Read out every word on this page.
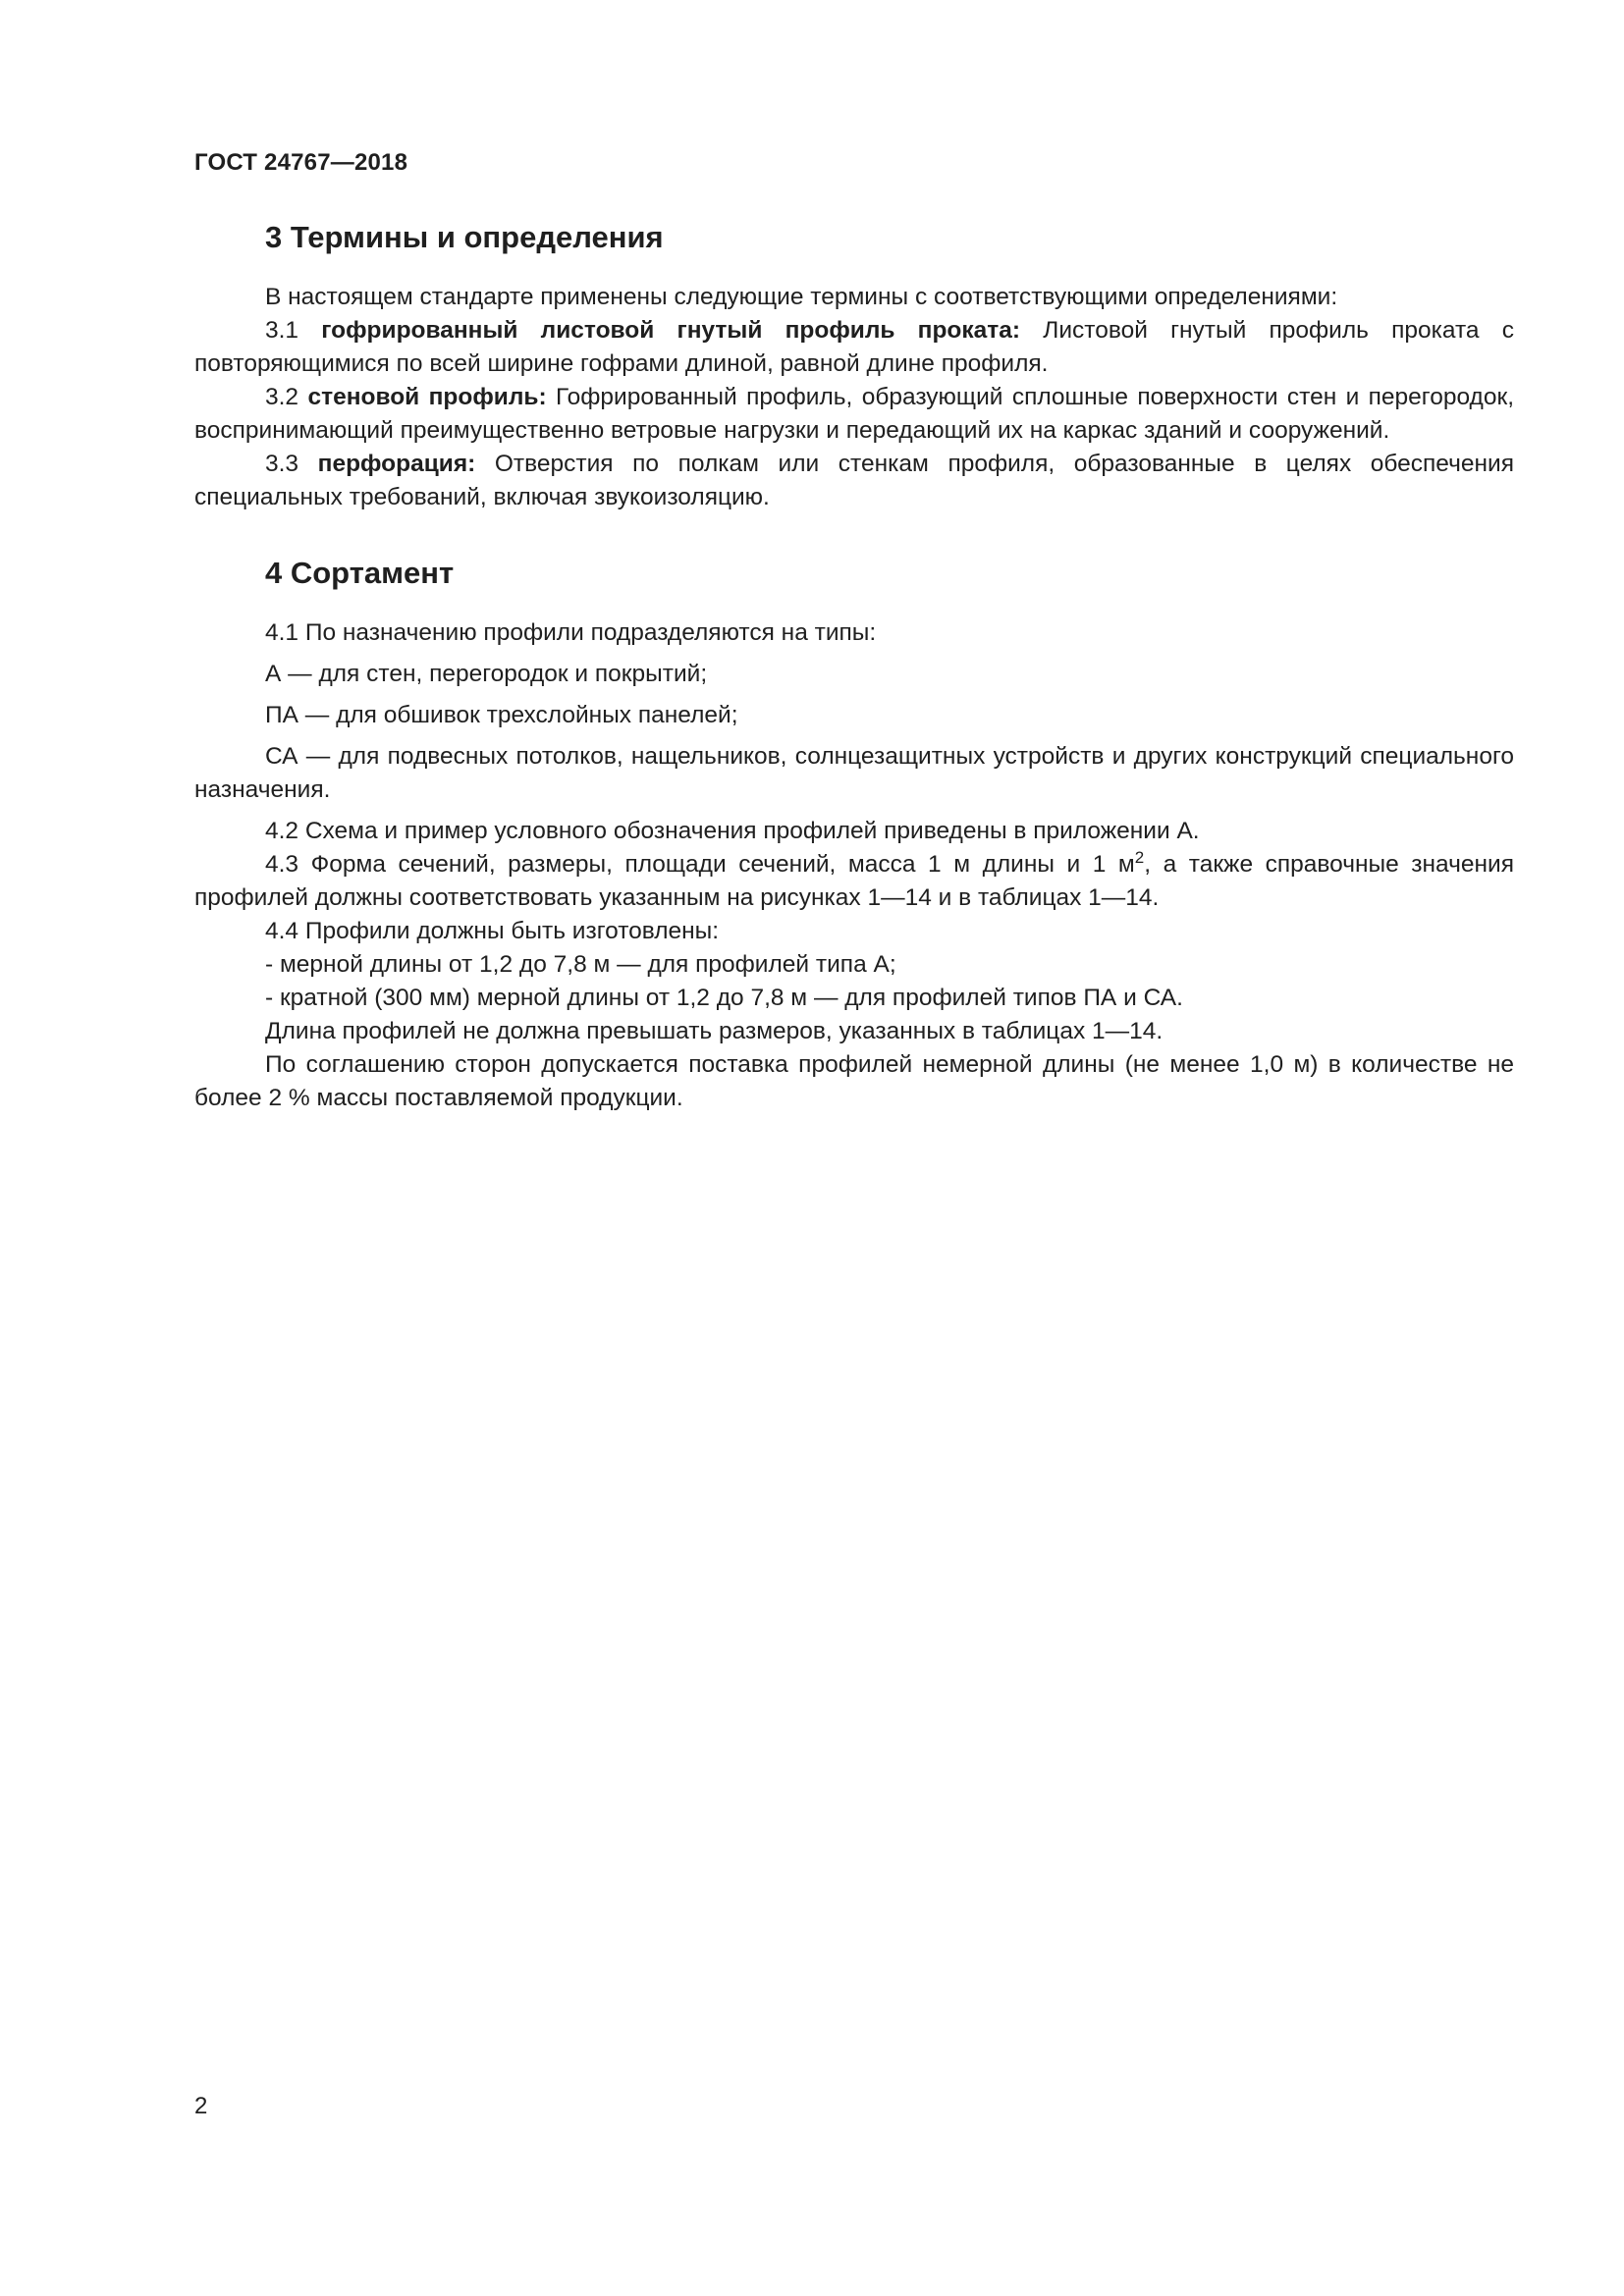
ГОСТ 24767—2018
3 Термины и определения

В настоящем стандарте применены следующие термины с соответствующими определениями:

3.1 гофрированный листовой гнутый профиль проката: Листовой гнутый профиль проката с повторяющимися по всей ширине гофрами длиной, равной длине профиля.

3.2 стеновой профиль: Гофрированный профиль, образующий сплошные поверхности стен и перегородок, воспринимающий преимущественно ветровые нагрузки и передающий их на каркас зданий и сооружений.

3.3 перфорация: Отверстия по полкам или стенкам профиля, образованные в целях обеспечения специальных требований, включая звукоизоляцию.

4 Сортамент

4.1 По назначению профили подразделяются на типы:

А — для стен, перегородок и покрытий;

ПА — для обшивок трехслойных панелей;

СА — для подвесных потолков, нащельников, солнцезащитных устройств и других конструкций специального назначения.

4.2 Схема и пример условного обозначения профилей приведены в приложении А.

4.3 Форма сечений, размеры, площади сечений, масса 1 м длины и 1 $м^2$, а также справочные значения профилей должны соответствовать указанным на рисунках 1—14 и в таблицах 1—14.

4.4 Профили должны быть изготовлены:

- мерной длины от 1,2 до 7,8 м — для профилей типа А;

- кратной (300 мм) мерной длины от 1,2 до 7,8 м — для профилей типов ПА и СА.

Длина профилей не должна превышать размеров, указанных в таблицах 1—14.

По соглашению сторон допускается поставка профилей немерной длины (не менее 1,0 м) в количестве не более 2 % массы поставляемой продукции.

2
